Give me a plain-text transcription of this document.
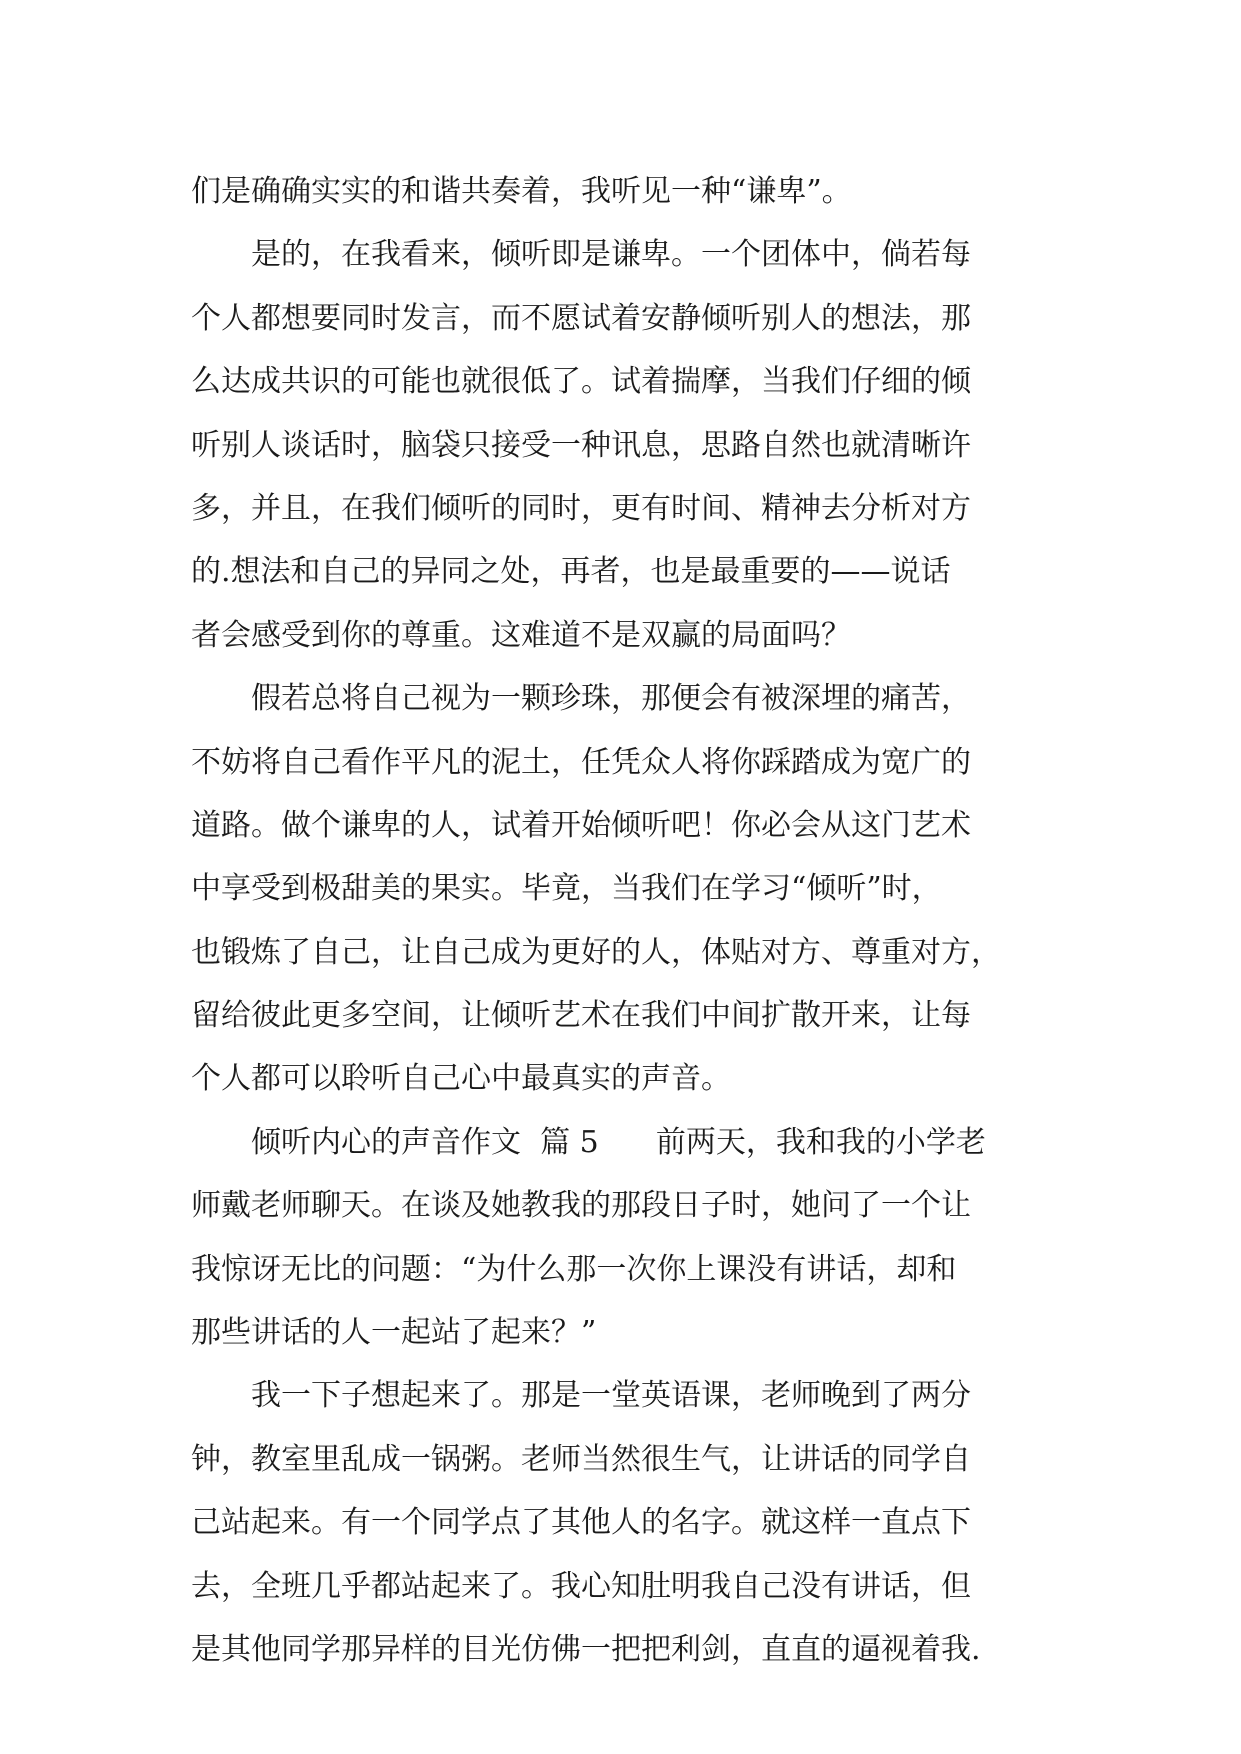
们是确确实实的和谐共奏着，我听见一种“谦卑”。
　　是的，在我看来，倾听即是谦卑。一个团体中，倘若每
个人都想要同时发言，而不愿试着安静倾听别人的想法，那
么达成共识的可能也就很低了。试着揣摩，当我们仔细的倾
听别人谈话时，脑袋只接受一种讯息，思路自然也就清晰许
多，并且，在我们倾听的同时，更有时间、精神去分析对方
的.想法和自己的异同之处，再者，也是最重要的——说话
者会感受到你的尊重。这难道不是双赢的局面吗？
　　假若总将自己视为一颗珍珠，那便会有被深埋的痛苦，
不妨将自己看作平凡的泥土，任凭众人将你踩踏成为宽广的
道路。做个谦卑的人，试着开始倾听吧！你必会从这门艺术
中享受到极甜美的果实。毕竟，当我们在学习“倾听”时，
也锻炼了自己，让自己成为更好的人，体贴对方、尊重对方，
留给彼此更多空间，让倾听艺术在我们中间扩散开来，让每
个人都可以聆听自己心中最真实的声音。
　　倾听内心的声音作文  篇 5      前两天，我和我的小学老
师戴老师聊天。在谈及她教我的那段日子时，她问了一个让
我惊讶无比的问题：“为什么那一次你上课没有讲话，却和
那些讲话的人一起站了起来？”
　　我一下子想起来了。那是一堂英语课，老师晚到了两分
钟，教室里乱成一锅粥。老师当然很生气，让讲话的同学自
己站起来。有一个同学点了其他人的名字。就这样一直点下
去，全班几乎都站起来了。我心知肚明我自己没有讲话，但
是其他同学那异样的目光仿佛一把把利剑，直直的逼视着我.
